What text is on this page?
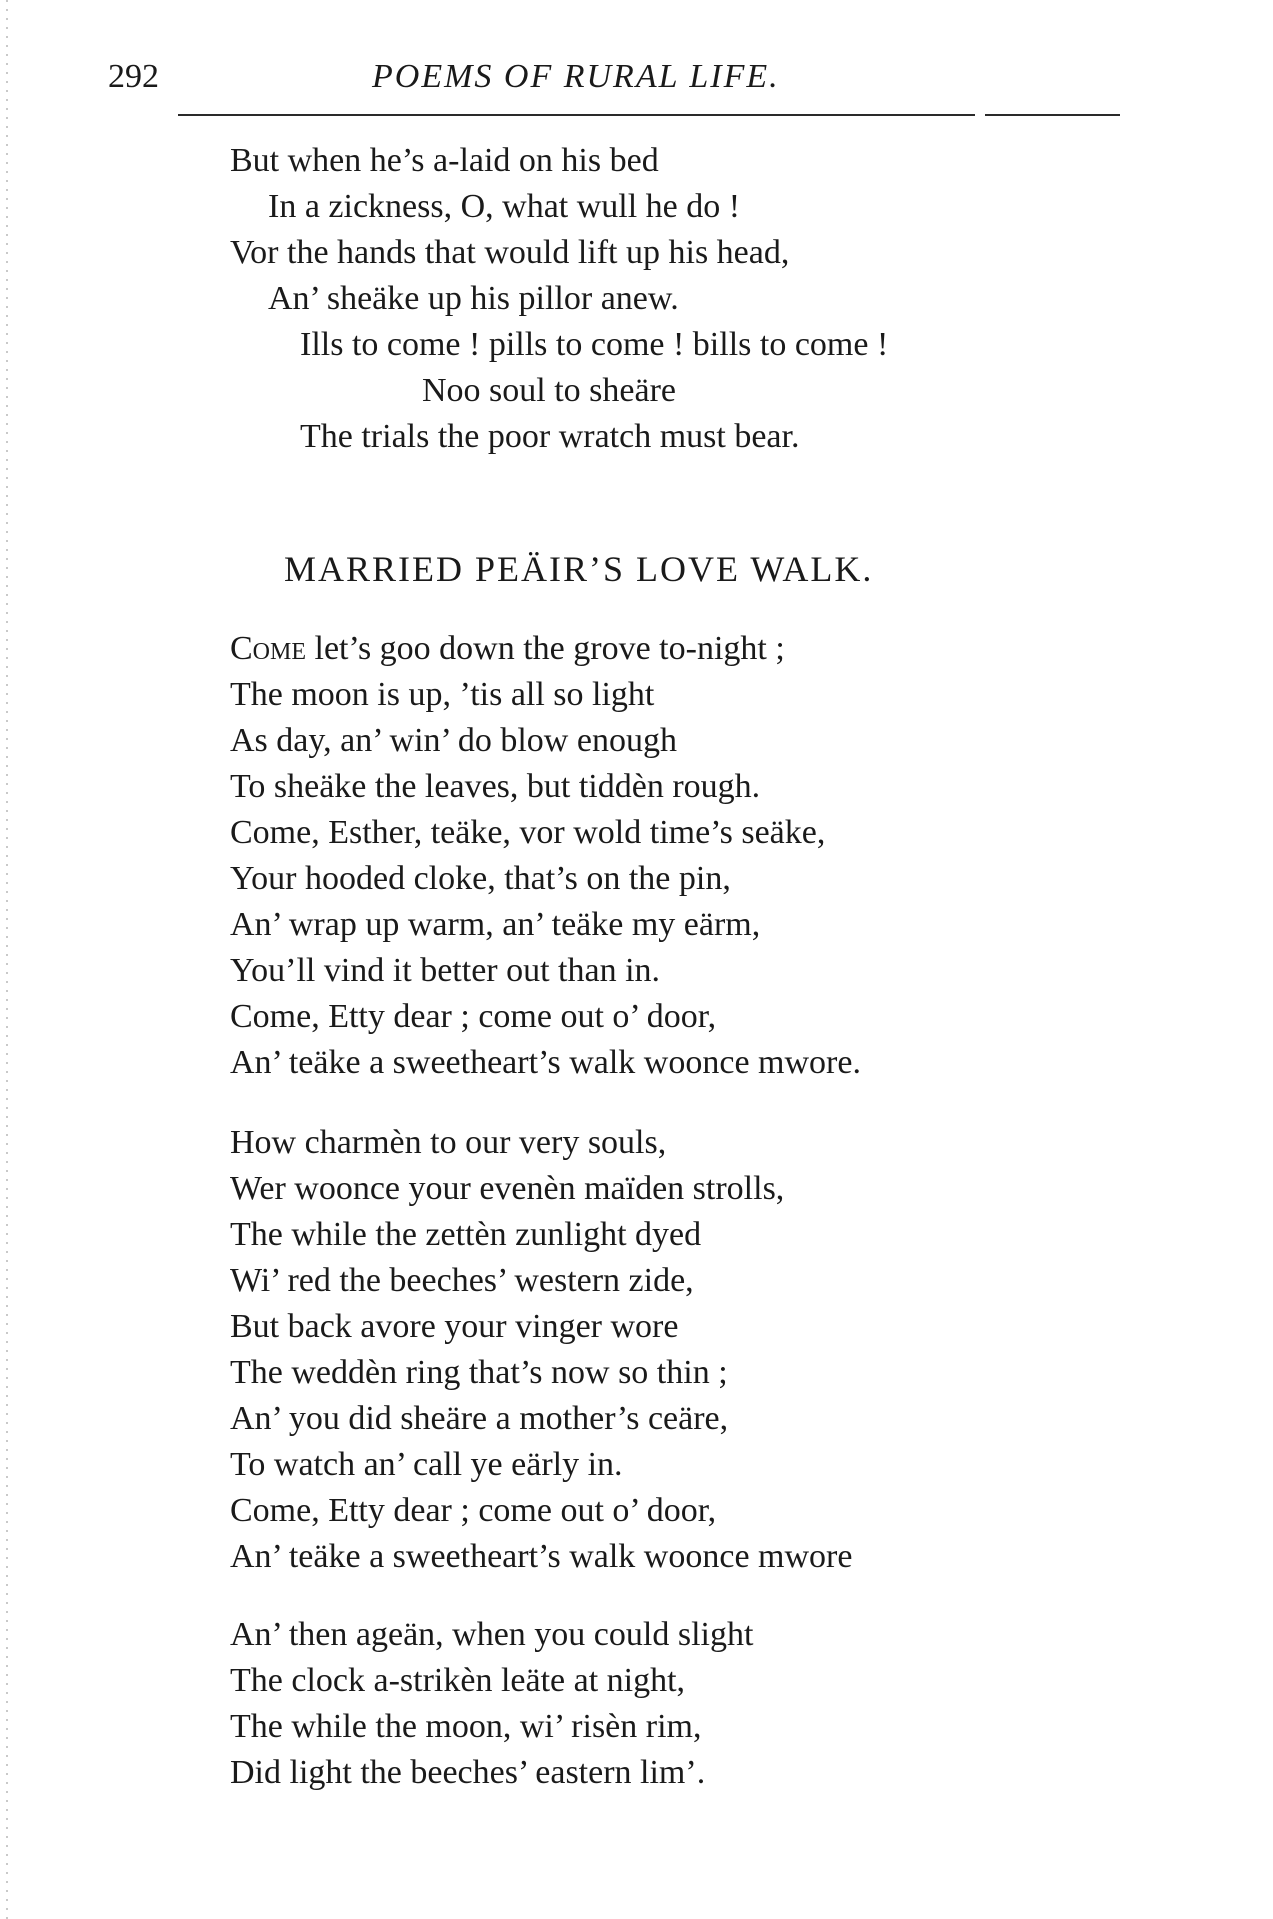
292	POEMS OF RURAL LIFE.
But when he’s a-laid on his bed
In a zickness, O, what wull he do !
Vor the hands that would lift up his head,
An’ sheäke up his pillor anew.
Ills to come ! pills to come ! bills to come !
Noo soul to sheäre
The trials the poor wratch must bear.
MARRIED PEÄIR’S LOVE WALK.
Come let’s goo down the grove to-night ;
The moon is up, ’tis all so light
As day, an’ win’ do blow enough
To sheäke the leaves, but tiddèn rough.
Come, Esther, teäke, vor wold time’s seäke,
Your hooded cloke, that’s on the pin,
An’ wrap up warm, an’ teäke my eärm,
You’ll vind it better out than in.
Come, Etty dear ; come out o’ door,
An’ teäke a sweetheart’s walk woonce mwore.
How charmèn to our very souls,
Wer woonce your evenèn maïden strolls,
The while the zettèn zunlight dyed
Wi’ red the beeches’ western zide,
But back avore your vinger wore
The weddèn ring that’s now so thin ;
An’ you did sheäre a mother’s ceäre,
To watch an’ call ye eärly in.
Come, Etty dear ; come out o’ door,
An’ teäke a sweetheart’s walk woonce mwore
An’ then ageän, when you could slight
The clock a-strikèn leäte at night,
The while the moon, wi’ risèn rim,
Did light the beeches’ eastern lim’.
